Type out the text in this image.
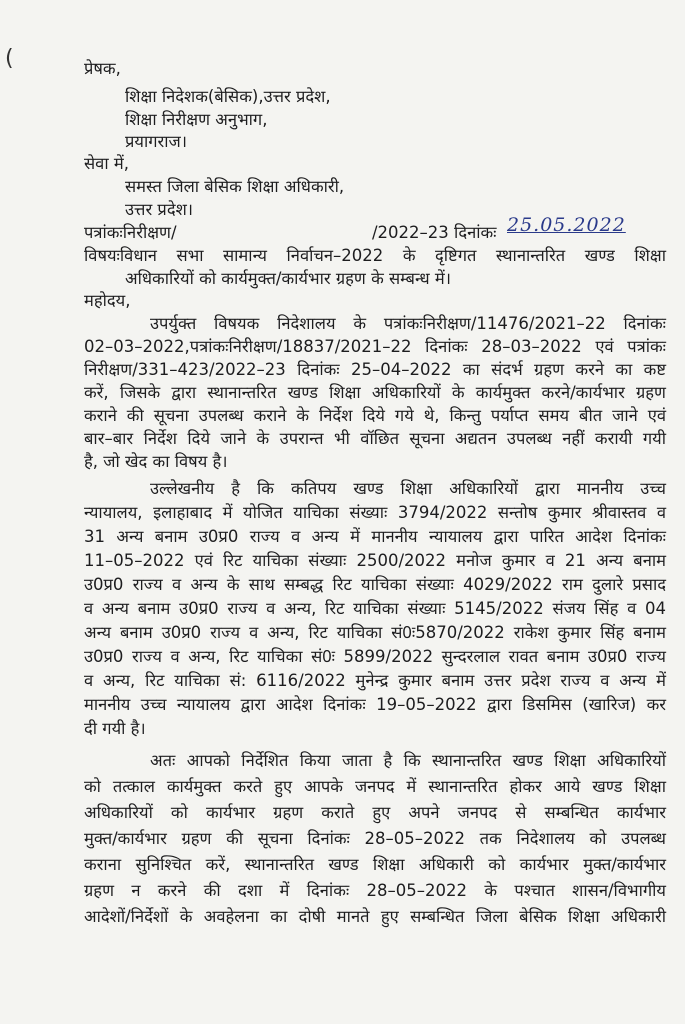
(	प्रेषक,
शिक्षा निदेशक(बेसिक),उत्तर प्रदेश,
शिक्षा निरीक्षण अनुभाग,
प्रयागराज।
सेवा में,
समस्त जिला बेसिक शिक्षा अधिकारी,
उत्तर प्रदेश।
पत्रांकःनिरीक्षण/	/2022–23 दिनांकः 25.05.2022
विषयःविधान सभा सामान्य निर्वाचन–2022 के दृष्टिगत स्थानान्तरित खण्ड शिक्षा
अधिकारियों को कार्यमुक्त/कार्यभार ग्रहण के सम्बन्ध में।
महोदय,
उपर्युक्त विषयक निदेशालय के पत्रांकःनिरीक्षण/11476/2021–22 दिनांकः
02–03–2022,पत्रांकःनिरीक्षण/18837/2021–22 दिनांकः 28–03–2022 एवं पत्रांकः
निरीक्षण/331–423/2022–23 दिनांकः 25–04–2022 का संदर्भ ग्रहण करने का कष्ट
करें, जिसके द्वारा स्थानान्तरित खण्ड शिक्षा अधिकारियों के कार्यमुक्त करने/कार्यभार ग्रहण
कराने की सूचना उपलब्ध कराने के निर्देश दिये गये थे, किन्तु पर्याप्त समय बीत जाने एवं
बार–बार निर्देश दिये जाने के उपरान्त भी वॉछित सूचना अद्यतन उपलब्ध नहीं करायी गयी
है, जो खेद का विषय है।
उल्लेखनीय है कि कतिपय खण्ड शिक्षा अधिकारियों द्वारा माननीय उच्च
न्यायालय, इलाहाबाद में योजित याचिका संख्याः 3794/2022 सन्तोष कुमार श्रीवास्तव व
31 अन्य बनाम उ0प्र0 राज्य व अन्य में माननीय न्यायालय द्वारा पारित आदेश दिनांकः
11–05–2022 एवं रिट याचिका संख्याः 2500/2022 मनोज कुमार व 21 अन्य बनाम
उ0प्र0 राज्य व अन्य के साथ सम्बद्ध रिट याचिका संख्याः 4029/2022 राम दुलारे प्रसाद
व अन्य बनाम उ0प्र0 राज्य व अन्य, रिट याचिका संख्याः 5145/2022 संजय सिंह व 04
अन्य बनाम उ0प्र0 राज्य व अन्य, रिट याचिका सं0ः5870/2022 राकेश कुमार सिंह बनाम
उ0प्र0 राज्य व अन्य, रिट याचिका सं0ः 5899/2022 सुन्दरलाल रावत बनाम उ0प्र0 राज्य
व अन्य, रिट याचिका सं: 6116/2022 मुनेन्द्र कुमार बनाम उत्तर प्रदेश राज्य व अन्य में
माननीय उच्च न्यायालय द्वारा आदेश दिनांकः 19–05–2022 द्वारा डिसमिस (खारिज) कर
दी गयी है।
अतः आपको निर्देशित किया जाता है कि स्थानान्तरित खण्ड शिक्षा अधिकारियों
को तत्काल कार्यमुक्त करते हुए आपके जनपद में स्थानान्तरित होकर आये खण्ड शिक्षा
अधिकारियों को कार्यभार ग्रहण कराते हुए अपने जनपद से सम्बन्धित कार्यभार
मुक्त/कार्यभार ग्रहण की सूचना दिनांकः 28–05–2022 तक निदेशालय को उपलब्ध
कराना सुनिश्चित करें, स्थानान्तरित खण्ड शिक्षा अधिकारी को कार्यभार मुक्त/कार्यभार
ग्रहण न करने की दशा में दिनांकः 28–05–2022 के पश्चात शासन/विभागीय
आदेशों/निर्देशों के अवहेलना का दोषी मानते हुए सम्बन्धित जिला बेसिक शिक्षा अधिकारी
